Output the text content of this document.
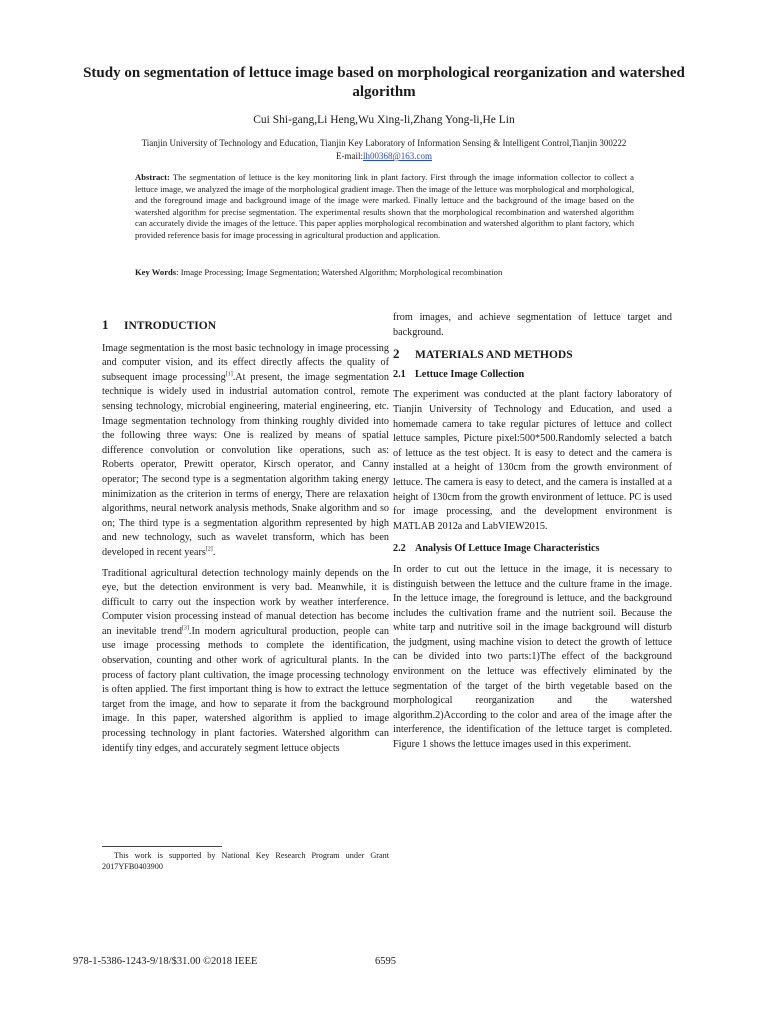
Study on segmentation of lettuce image based on morphological reorganization and watershed algorithm
Cui Shi-gang,Li Heng,Wu Xing-li,Zhang Yong-li,He Lin
Tianjin University of Technology and Education, Tianjin Key Laboratory of Information Sensing & Intelligent Control,Tianjin 300222
E-mail:lh00368@163.com
Abstract: The segmentation of lettuce is the key monitoring link in plant factory. First through the image information collector to collect a lettuce image, we analyzed the image of the morphological gradient image. Then the image of the lettuce was morphological and morphological, and the foreground image and background image of the image were marked. Finally lettuce and the background of the image based on the watershed algorithm for precise segmentation. The experimental results shown that the morphological recombination and watershed algorithm can accurately divide the images of the lettuce. This paper applies morphological recombination and watershed algorithm to plant factory, which provided reference basis for image processing in agricultural production and application.
Key Words: Image Processing; Image Segmentation; Watershed Algorithm; Morphological recombination
1 INTRODUCTION

Image segmentation is the most basic technology in image processing and computer vision, and its effect directly affects the quality of subsequent image processing[1].At present, the image segmentation technique is widely used in industrial automation control, remote sensing technology, microbial engineering, material engineering, etc. Image segmentation technology from thinking roughly divided into the following three ways: One is realized by means of spatial difference convolution or convolution like operations, such as: Roberts operator, Prewitt operator, Kirsch operator, and Canny operator; The second type is a segmentation algorithm taking energy minimization as the criterion in terms of energy, There are relaxation algorithms, neural network analysis methods, Snake algorithm and so on; The third type is a segmentation algorithm represented by high and new technology, such as wavelet transform, which has been developed in recent years[2].

Traditional agricultural detection technology mainly depends on the eye, but the detection environment is very bad. Meanwhile, it is difficult to carry out the inspection work by weather interference. Computer vision processing instead of manual detection has become an inevitable trend[3].In modern agricultural production, people can use image processing methods to complete the identification, observation, counting and other work of agricultural plants. In the process of factory plant cultivation, the image processing technology is often applied. The first important thing is how to extract the lettuce target from the image, and how to separate it from the background image. In this paper, watershed algorithm is applied to image processing technology in plant factories. Watershed algorithm can identify tiny edges, and accurately segment lettuce objects

from images, and achieve segmentation of lettuce target and background.

2 MATERIALS AND METHODS
2.1 Lettuce Image Collection

The experiment was conducted at the plant factory laboratory of Tianjin University of Technology and Education, and used a homemade camera to take regular pictures of lettuce and collect lettuce samples, Picture pixel:500*500.Randomly selected a batch of lettuce as the test object. It is easy to detect and the camera is installed at a height of 130cm from the growth environment of lettuce. The camera is easy to detect, and the camera is installed at a height of 130cm from the growth environment of lettuce. PC is used for image processing, and the development environment is MATLAB 2012a and LabVIEW2015.

2.2 Analysis Of Lettuce Image Characteristics

In order to cut out the lettuce in the image, it is necessary to distinguish between the lettuce and the culture frame in the image. In the lettuce image, the foreground is lettuce, and the background includes the cultivation frame and the nutrient soil. Because the white tarp and nutritive soil in the image background will disturb the judgment, using machine vision to detect the growth of lettuce can be divided into two parts:1)The effect of the background environment on the lettuce was effectively eliminated by the segmentation of the target of the birth vegetable based on the morphological reorganization and the watershed algorithm.2)According to the color and area of the image after the interference, the identification of the lettuce target is completed. Figure 1 shows the lettuce images used in this experiment.

This work is supported by National Key Research Program under Grant 2017YFB0403900
978-1-5386-1243-9/18/$31.00 ©2018 IEEE	6595
